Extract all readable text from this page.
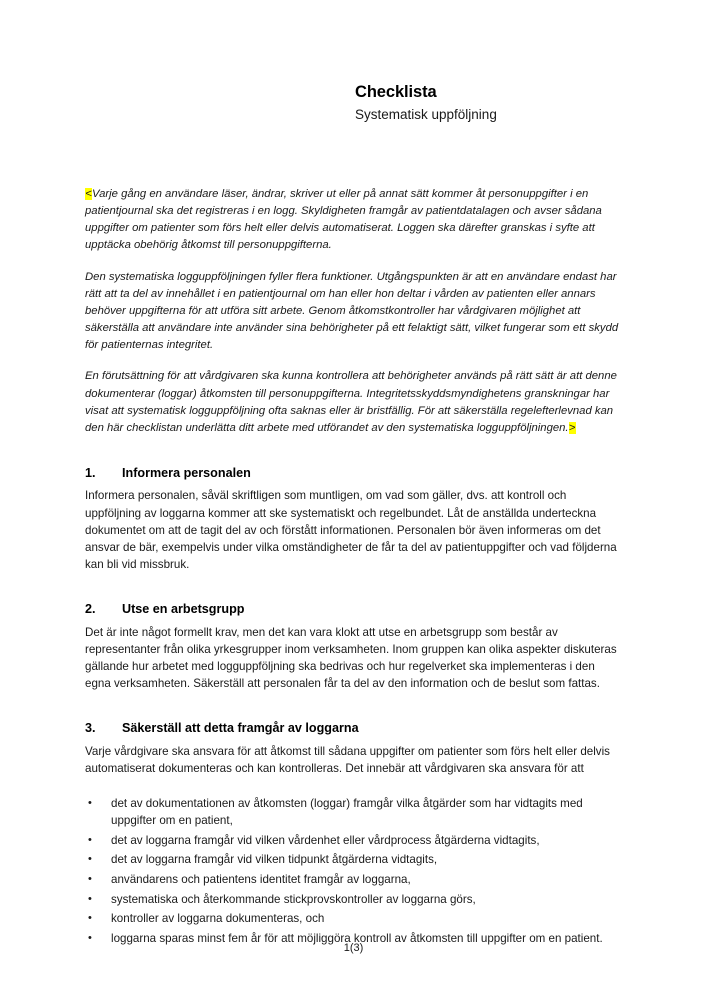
Checklista
Systematisk uppföljning

<Varje gång en användare läser, ändrar, skriver ut eller på annat sätt kommer åt personuppgifter i en patientjournal ska det registreras i en logg. Skyldigheten framgår av patientdatalagen och avser sådana uppgifter om patienter som förs helt eller delvis automatiserat. Loggen ska därefter granskas i syfte att upptäcka obehörig åtkomst till personuppgifterna.

Den systematiska logguppföljningen fyller flera funktioner. Utgångspunkten är att en användare endast har rätt att ta del av innehållet i en patientjournal om han eller hon deltar i vården av patienten eller annars behöver uppgifterna för att utföra sitt arbete. Genom åtkomstkontroller har vårdgivaren möjlighet att säkerställa att användare inte använder sina behörigheter på ett felaktigt sätt, vilket fungerar som ett skydd för patienternas integritet.

En förutsättning för att vårdgivaren ska kunna kontrollera att behörigheter används på rätt sätt är att denne dokumenterar (loggar) åtkomsten till personuppgifterna. Integritetsskyddsmyndighetens granskningar har visat att systematisk logguppföljning ofta saknas eller är bristfällig. För att säkerställa regelefterlevnad kan den här checklistan underlätta ditt arbete med utförandet av den systematiska logguppföljningen.>

1.	Informera personalen

Informera personalen, såväl skriftligen som muntligen, om vad som gäller, dvs. att kontroll och uppföljning av loggarna kommer att ske systematiskt och regelbundet. Låt de anställda underteckna dokumentet om att de tagit del av och förstått informationen. Personalen bör även informeras om det ansvar de bär, exempelvis under vilka omständigheter de får ta del av patientuppgifter och vad följderna kan bli vid missbruk.

2.	Utse en arbetsgrupp

Det är inte något formellt krav, men det kan vara klokt att utse en arbetsgrupp som består av representanter från olika yrkesgrupper inom verksamheten. Inom gruppen kan olika aspekter diskuteras gällande hur arbetet med logguppföljning ska bedrivas och hur regelverket ska implementeras i den egna verksamheten. Säkerställ att personalen får ta del av den information och de beslut som fattas.

3.	Säkerställ att detta framgår av loggarna

Varje vårdgivare ska ansvara för att åtkomst till sådana uppgifter om patienter som förs helt eller delvis automatiserat dokumenteras och kan kontrolleras. Det innebär att vårdgivaren ska ansvara för att

• det av dokumentationen av åtkomsten (loggar) framgår vilka åtgärder som har vidtagits med uppgifter om en patient,
• det av loggarna framgår vid vilken vårdenhet eller vårdprocess åtgärderna vidtagits,
• det av loggarna framgår vid vilken tidpunkt åtgärderna vidtagits,
• användarens och patientens identitet framgår av loggarna,
• systematiska och återkommande stickprovskontroller av loggarna görs,
• kontroller av loggarna dokumenteras, och
• loggarna sparas minst fem år för att möjliggöra kontroll av åtkomsten till uppgifter om en patient.
1(3)
